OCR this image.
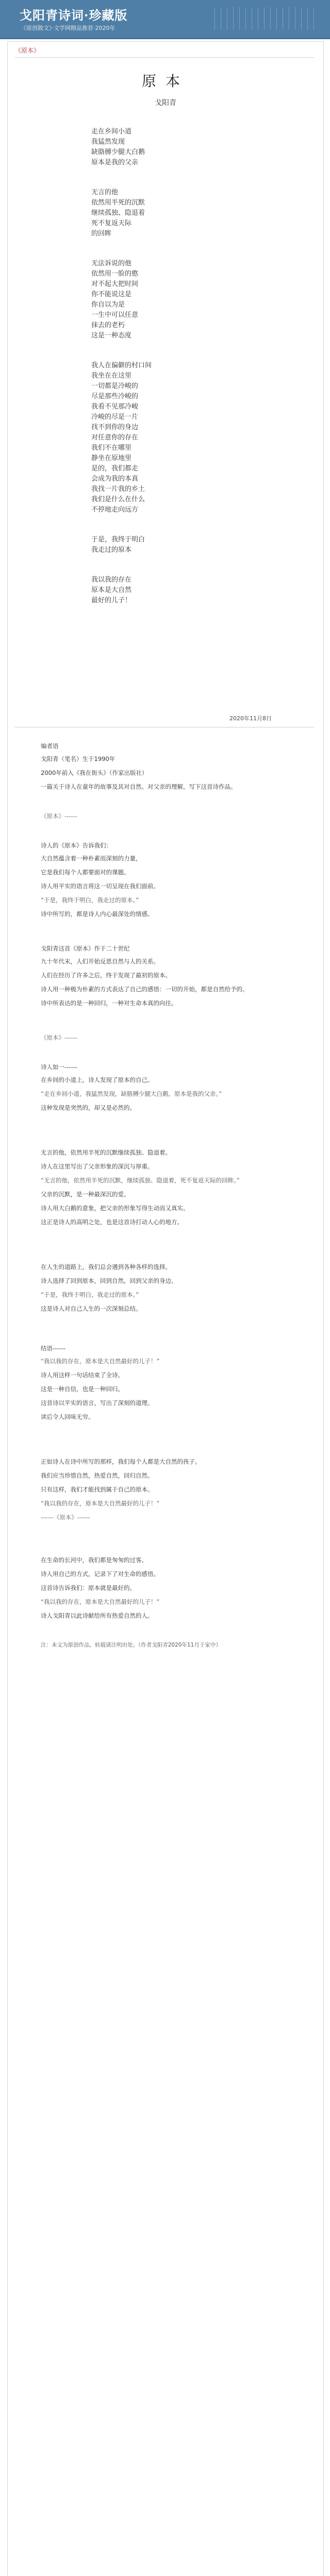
戈阳青诗词·珍藏版
《原创散文》·文学网精品推荐·2020年
《原本》
原本
戈阳青

走在乡间小道
我猛然发现
缺胳膊少腿大白鹅
原本是我的父亲

无言的他
依然用半死的沉默
继续孤独、隐退着
死不复返天际
的回眸

无法诉说的他
依然用一脸的憨
对不起大把时间
你不能说这是
你自以为是
一生中可以任意
抹去的老朽
这是一种态度

我人在偏僻的村口间
我坐在在这里
一切都是冷峻的
尽是那些冷峻的
我看不见那冷峻
冷峻的尽是一片
找不到你的身边
对任意你的存在
我们不在哪里
静坐在原地里
是的，我们都走
会成为我的本真
我找一片我的乡土
我们是什么在什么
不停地走向远方

于是，我终于明白
我走过的原本

我以我的存在
原本是大自然
最好的儿子！

2020年11月8日
编者语
戈阳青（笔名）生于1990年
2000年前入《我在街头》（作家出版社）
一篇关于诗人在童年的故事及其对自然、对父亲的理解，写下这首诗作品。
《原本》------
诗人的《原本》告诉我们：
大自然蕴含着一种朴素而深刻的力量，
它是我们每个人都要面对的课题。
诗人用平实的语言将这一切呈现在我们面前。
“于是，我终于明白，我走过的原本。”
诗中所写的，都是诗人内心最深处的情感。
戈阳青这首《原本》作于二十世纪
九十年代末，人们开始反思自然与人的关系。
人们在经历了许多之后，终于发现了最初的原本。
诗人用一种极为朴素的方式表达了自己的感悟：一切的开始，都是自然给予的。
诗中所表达的是一种回归，一种对生命本真的向往。
《原本》------
诗人如一------
在乡间的小道上，诗人发现了原本的自己。
“走在乡间小道，我猛然发现，缺胳膊少腿大白鹅，原本是我的父亲。”
这种发现是突然的，却又是必然的。
无言的他，依然用半死的沉默继续孤独、隐退着。
诗人在这里写出了父亲形象的深沉与厚重。
“无言的他，依然用半死的沉默，继续孤独、隐退着，死不复返天际的回眸。”
父亲的沉默，是一种最深沉的爱。
诗人用大白鹅的意象，把父亲的形象写得生动而又真实。
这正是诗人的高明之处，也是这首诗打动人心的地方。
在人生的道路上，我们总会遇到各种各样的选择。
诗人选择了回到原本，回到自然，回到父亲的身边。
“于是，我终于明白，我走过的原本。”
这是诗人对自己人生的一次深刻总结。
结语------
“我以我的存在，原本是大自然最好的儿子！”
诗人用这样一句话结束了全诗。
这是一种自信，也是一种回归。
这首诗以平实的语言，写出了深刻的道理。
读后令人回味无穷。
正如诗人在诗中所写的那样，我们每个人都是大自然的孩子。
我们应当珍惜自然，热爱自然，回归自然。
只有这样，我们才能找到属于自己的原本。
“我以我的存在，原本是大自然最好的儿子！”
------《原本》------
在生命的长河中，我们都是匆匆的过客。
诗人用自己的方式，记录下了对生命的感悟。
这首诗告诉我们：原本就是最好的。
“我以我的存在，原本是大自然最好的儿子！”
诗人戈阳青以此诗献给所有热爱自然的人。
注：本文为原创作品，转载请注明出处。（作者戈阳青2020年11月于家中）
